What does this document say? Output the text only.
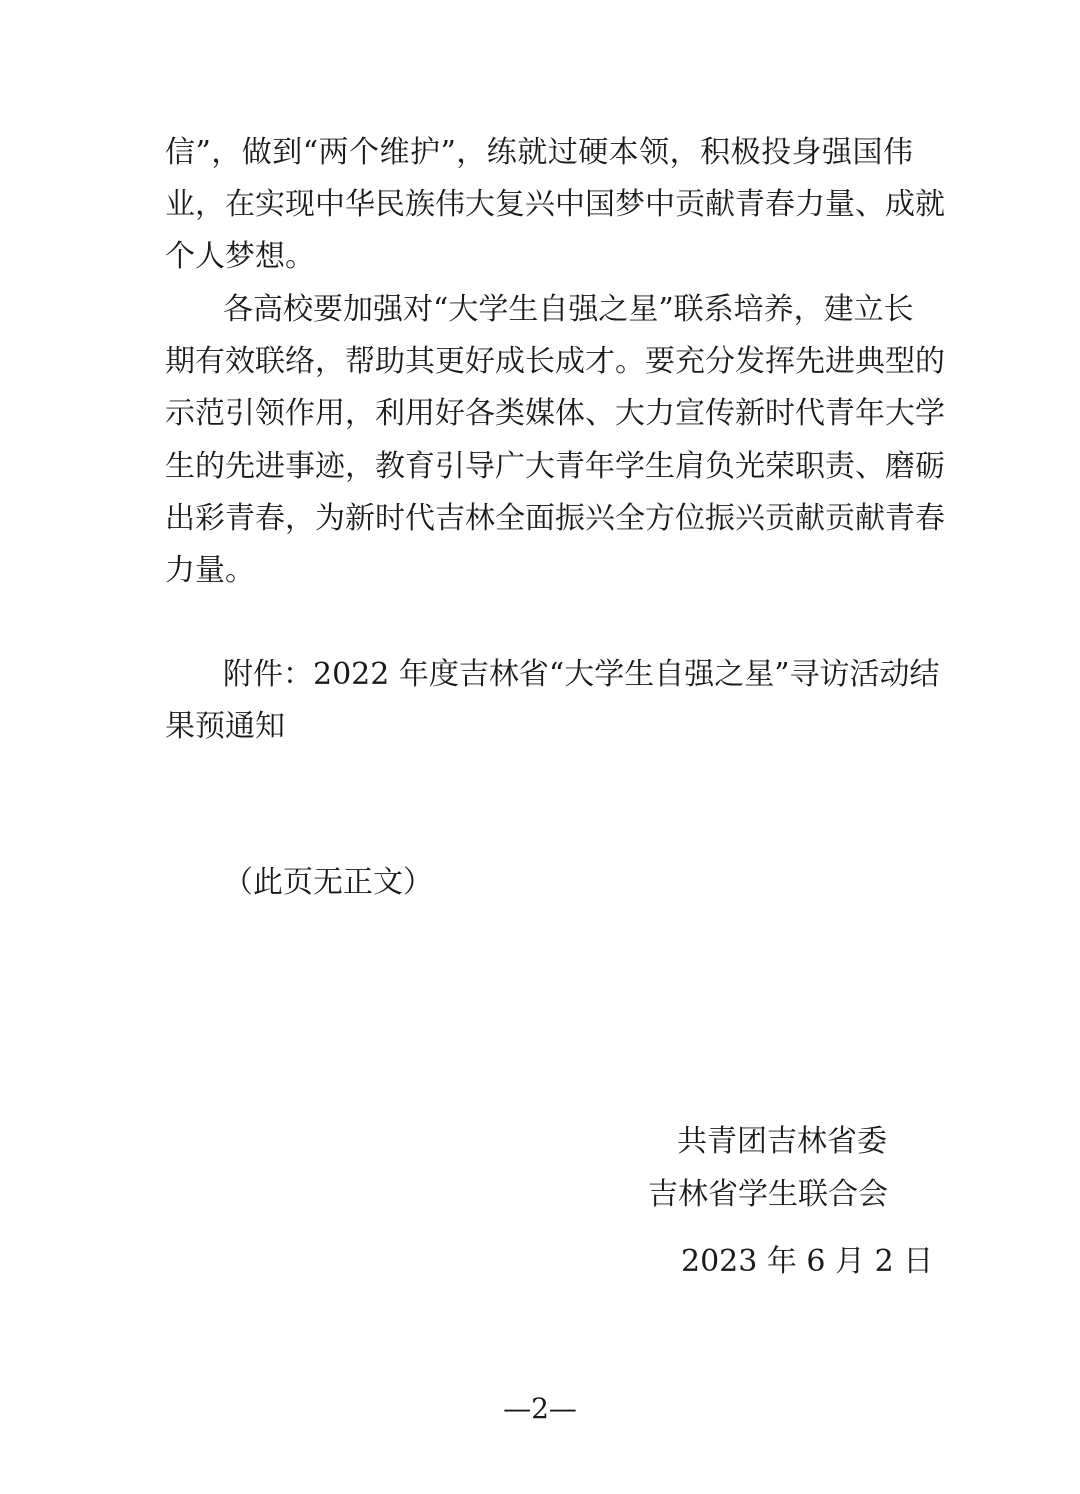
信”，做到“两个维护”，练就过硬本领，积极投身强国伟
业，在实现中华民族伟大复兴中国梦中贡献青春力量、成就
个人梦想。
各高校要加强对“大学生自强之星”联系培养，建立长
期有效联络，帮助其更好成长成才。要充分发挥先进典型的
示范引领作用，利用好各类媒体、大力宣传新时代青年大学
生的先进事迹，教育引导广大青年学生肩负光荣职责、磨砺
出彩青春，为新时代吉林全面振兴全方位振兴贡献贡献青春
力量。
附件：2022 年度吉林省“大学生自强之星”寻访活动结
果预通知
（此页无正文）
共青团吉林省委
吉林省学生联合会
2023 年 6 月 2 日
—2—
